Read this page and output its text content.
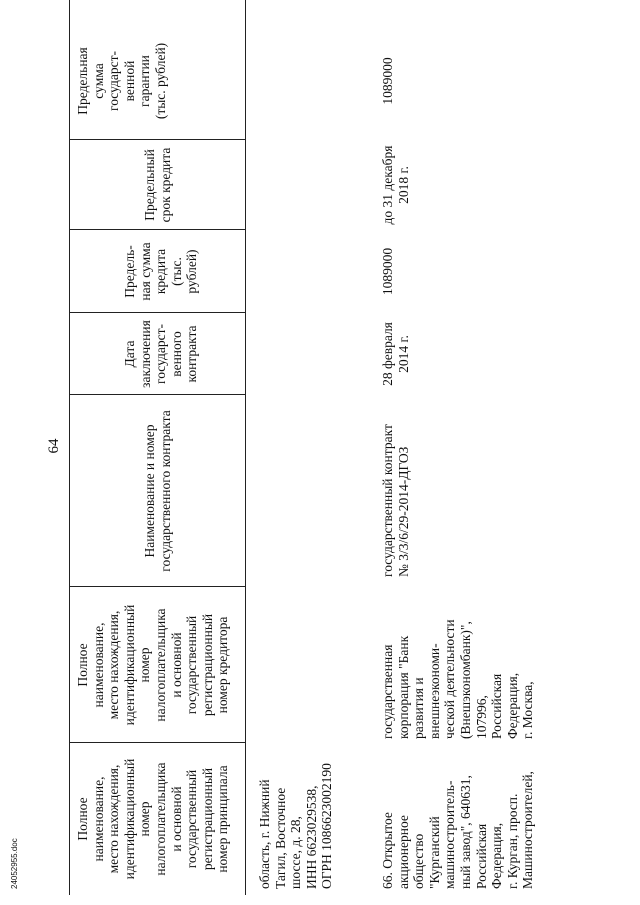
64
Полное
наименование,
место нахождения,
идентификационный
номер
налогоплательщика
и основной
государственный
регистрационный
номер принципала
Полное
наименование,
место нахождения,
идентификационный
номер
налогоплательщика
и основной
государственный
регистрационный
номер кредитора
Наименование и номер
государственного контракта
Дата
заключения
государст-
венного
контракта
Предель-
ная сумма
кредита
(тыс.
рублей)
Предельный
срок кредита
Предельная
сумма
государст-
венной
гарантии
(тыс. рублей)
область, г. Нижний
Тагил, Восточное
шоссе, д. 28,
ИНН 6623029538,
ОГРН 1086623002190
66. Открытое
акционерное
общество
"Курганский
машиностроитель-
ный завод", 640631,
Российская
Федерация,
г. Курган, просп.
Машиностроителей,
государственная
корпорация "Банк
развития и
внешнеэкономи-
ческой деятельности
(Внешэкономбанк)",
107996,
Российская
Федерация,
г. Москва,
государственный контракт
№ 3/3/6/29-2014-ДГОЗ
28 февраля
2014 г.
1089000
до 31 декабря
2018 г.
1089000
24052955.doc
